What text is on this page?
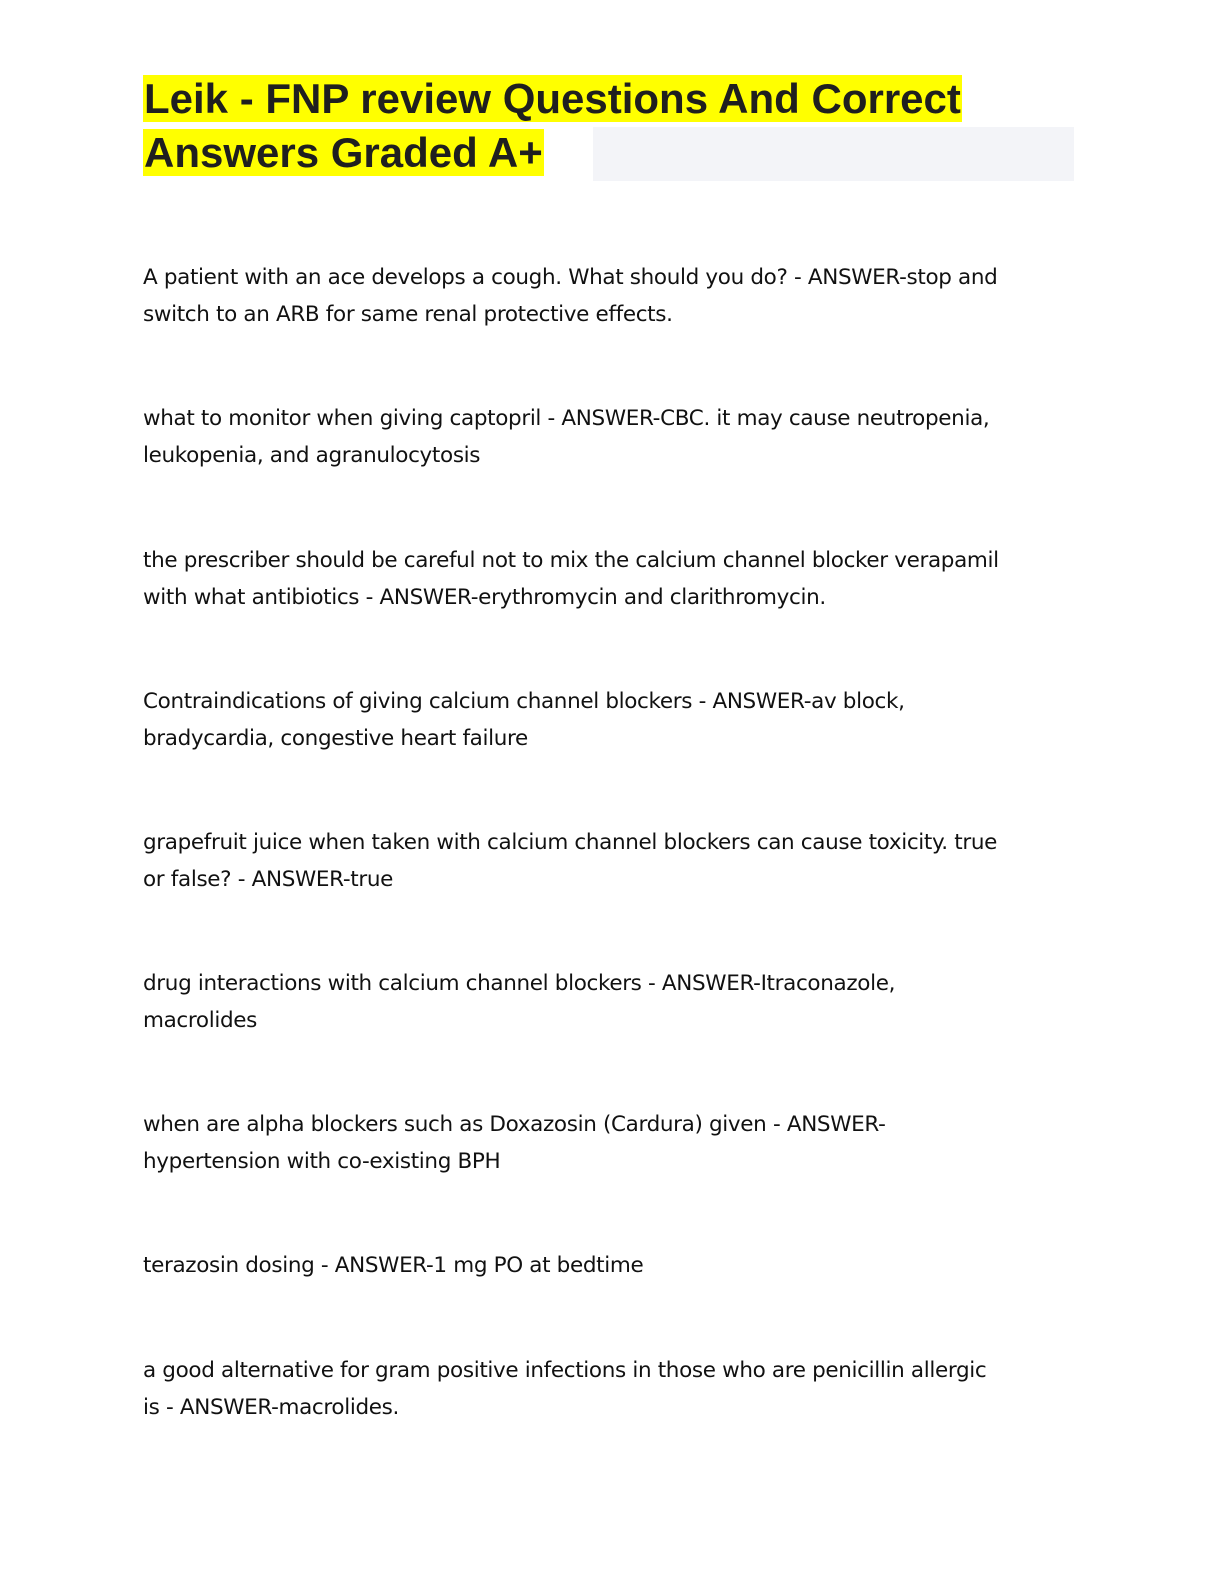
Leik - FNP review Questions And Correct
Answers Graded A+
A patient with an ace develops a cough. What should you do? - ANSWER-stop and
switch to an ARB for same renal protective effects.
what to monitor when giving captopril - ANSWER-CBC. it may cause neutropenia,
leukopenia, and agranulocytosis
the prescriber should be careful not to mix the calcium channel blocker verapamil
with what antibiotics - ANSWER-erythromycin and clarithromycin.
Contraindications of giving calcium channel blockers - ANSWER-av block,
bradycardia, congestive heart failure
grapefruit juice when taken with calcium channel blockers can cause toxicity. true
or false? - ANSWER-true
drug interactions with calcium channel blockers - ANSWER-Itraconazole,
macrolides
when are alpha blockers such as Doxazosin (Cardura) given - ANSWER-
hypertension with co-existing BPH
terazosin dosing - ANSWER-1 mg PO at bedtime
a good alternative for gram positive infections in those who are penicillin allergic
is - ANSWER-macrolides.
